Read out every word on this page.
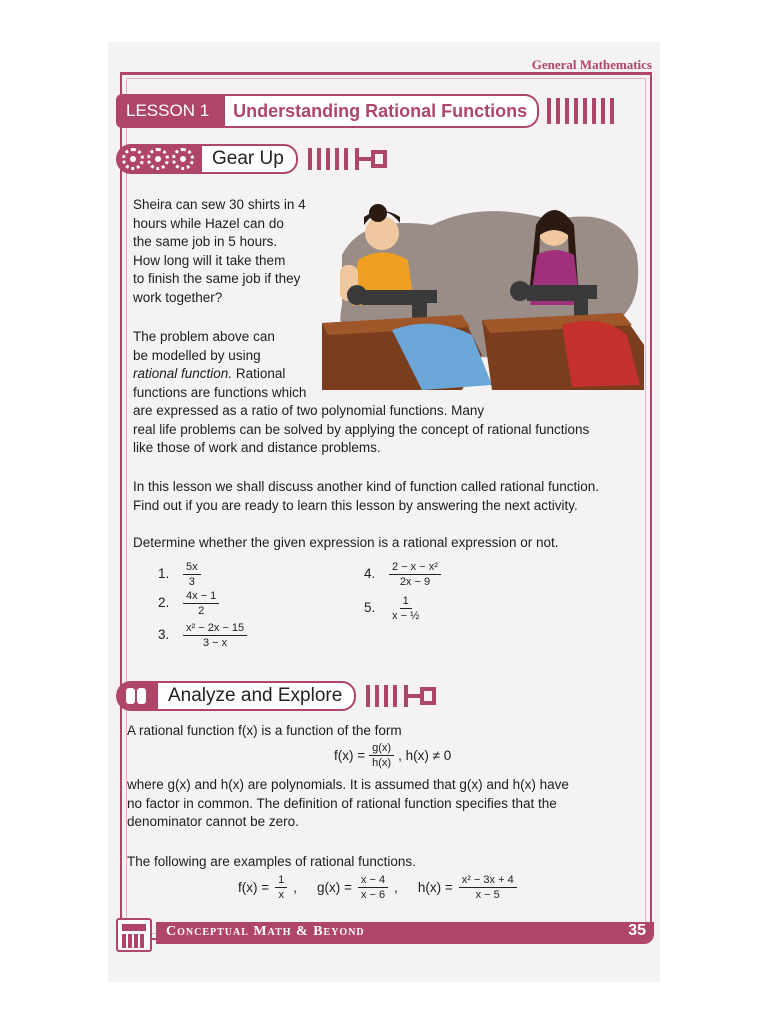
General Mathematics
LESSON 1	Understanding Rational Functions
Gear Up
Sheira can sew 30 shirts in 4
hours while Hazel can do
the same job in 5 hours.
How long will it take them
to finish the same job if they
work together?
The problem above can
be modelled by using
rational function. Rational
functions are functions which
are expressed as a ratio of two polynomial functions. Many
real life problems can be solved by applying the concept of rational functions
like those of work and distance problems.
In this lesson we shall discuss another kind of function called rational function.
Find out if you are ready to learn this lesson by answering the next activity.
Determine whether the given expression is a rational expression or not.
1. $\frac{5x}{3}$
2. $\frac{4x - 1}{2}$
3. $\frac{\text{x² − 2x − 15}}{3 - x}$
4. $\frac{\text{2 − x − x²}}{2x - 9}$
5. $\frac{1}{\text{x − ½}}$
Analyze and Explore
A rational function f(x) is a function of the form
$f(x) = \frac{g(x)}{h(x)}$ , h(x) ≠ 0
where g(x) and h(x) are polynomials. It is assumed that g(x) and h(x) have
no factor in common. The definition of rational function specifies that the
denominator cannot be zero.
The following are examples of rational functions.
$f(x) = \frac{1}{x}$ , $g(x) = \frac{x - 4}{x - 6}$ , $h(x) = \frac{\text{x² − 3x + 4}}{x - 5}$
Conceptual Math & Beyond	35
